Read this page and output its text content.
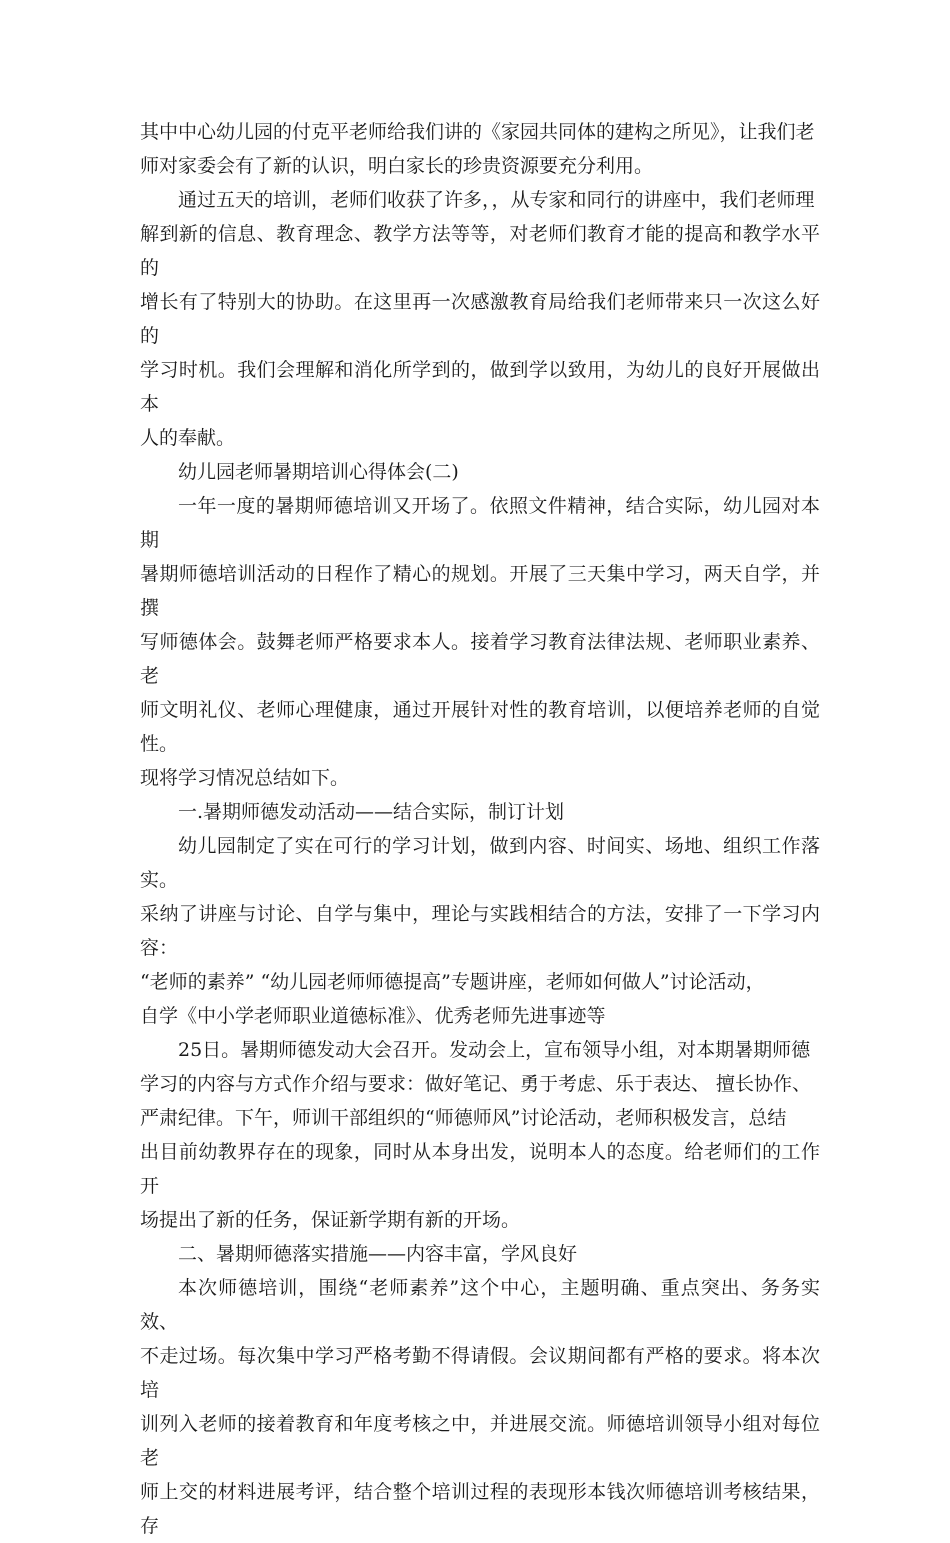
其中中心幼儿园的付克平老师给我们讲的《家园共同体的建构之所见》，让我们老
师对家委会有了新的认识，明白家长的珍贵资源要充分利用。

通过五天的培训，老师们收获了许多，，从专家和同行的讲座中，我们老师理
解到新的信息、教育理念、教学方法等等，对老师们教育才能的提高和教学水平的
增长有了特别大的协助。在这里再一次感激教育局给我们老师带来只一次这么好的
学习时机。我们会理解和消化所学到的，做到学以致用，为幼儿的良好开展做出本
人的奉献。

幼儿园老师暑期培训心得体会(二)

一年一度的暑期师德培训又开场了。依照文件精神，结合实际，幼儿园对本期
暑期师德培训活动的日程作了精心的规划。开展了三天集中学习，两天自学，并撰
写师德体会。鼓舞老师严格要求本人。接着学习教育法律法规、老师职业素养、老
师文明礼仪、老师心理健康，通过开展针对性的教育培训，以便培养老师的自觉性。
现将学习情况总结如下。

一.暑期师德发动活动——结合实际，制订计划

幼儿园制定了实在可行的学习计划，做到内容、时间实、场地、组织工作落实。
采纳了讲座与讨论、自学与集中，理论与实践相结合的方法，安排了一下学习内容：
“老师的素养” “幼儿园老师师德提高”专题讲座，老师如何做人”讨论活动，
自学《中小学老师职业道德标准》、优秀老师先进事迹等

25日。暑期师德发动大会召开。发动会上，宣布领导小组，对本期暑期师德
学习的内容与方式作介绍与要求：做好笔记、勇于考虑、乐于表达、 擅长协作、
严肃纪律。下午，师训干部组织的“师德师风”讨论活动，老师积极发言，总结
出目前幼教界存在的现象，同时从本身出发，说明本人的态度。给老师们的工作开
场提出了新的任务，保证新学期有新的开场。

二、暑期师德落实措施——内容丰富，学风良好

本次师德培训，围绕“老师素养”这个中心，主题明确、重点突出、务务实效、
不走过场。每次集中学习严格考勤不得请假。会议期间都有严格的要求。将本次培
训列入老师的接着教育和年度考核之中，并进展交流。师德培训领导小组对每位老
师上交的材料进展考评，结合整个培训过程的表现形本钱次师德培训考核结果，存
